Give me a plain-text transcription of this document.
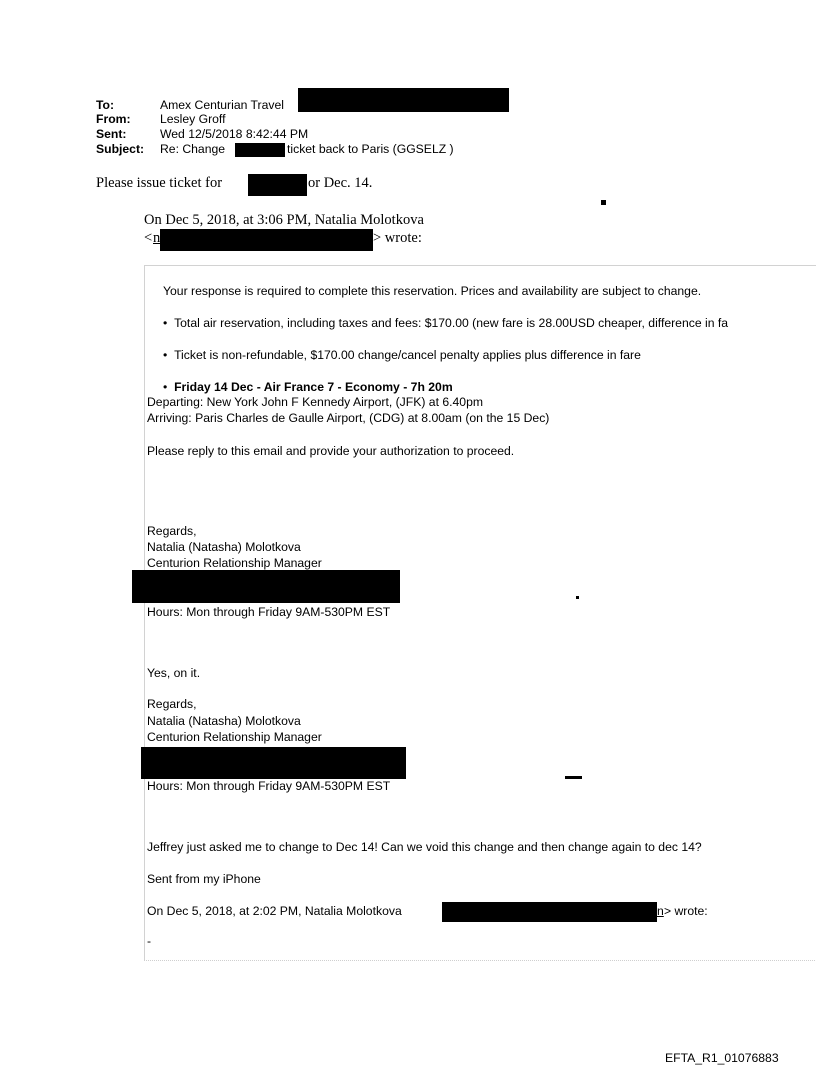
To:	Amex Centurian Travel
From: Lesley Groff
Sent:	Wed 12/5/2018 8:42:44 PM
Subject: Re: Change	ticket back to Paris (GGSELZ )
Please issue ticket for	or Dec. 14.
On Dec 5, 2018, at 3:06 PM, Natalia Molotkova
< n	> wrote:
Your response is required to complete this reservation. Prices and availability are subject to change.
• Total air reservation, including taxes and fees: $170.00 (new fare is 28.00USD cheaper, difference in fa
• Ticket is non-refundable, $170.00 change/cancel penalty applies plus difference in fare
• Friday 14 Dec - Air France 7 - Economy - 7h 20m
Departing: New York John F Kennedy Airport, (JFK) at 6.40pm
Arriving: Paris Charles de Gaulle Airport, (CDG) at 8.00am (on the 15 Dec)
Please reply to this email and provide your authorization to proceed.
Regards,
Natalia (Natasha) Molotkova
Centurion Relationship Manager
Hours: Mon through Friday 9AM-530PM EST
Yes, on it.
Regards,
Natalia (Natasha) Molotkova
Centurion Relationship Manager
Hours: Mon through Friday 9AM-530PM EST
Jeffrey just asked me to change to Dec 14! Can we void this change and then change again to dec 14?
Sent from my iPhone
On Dec 5, 2018, at 2:02 PM, Natalia Molotkova	n > wrote:
-
EFTA_R1_01076883
